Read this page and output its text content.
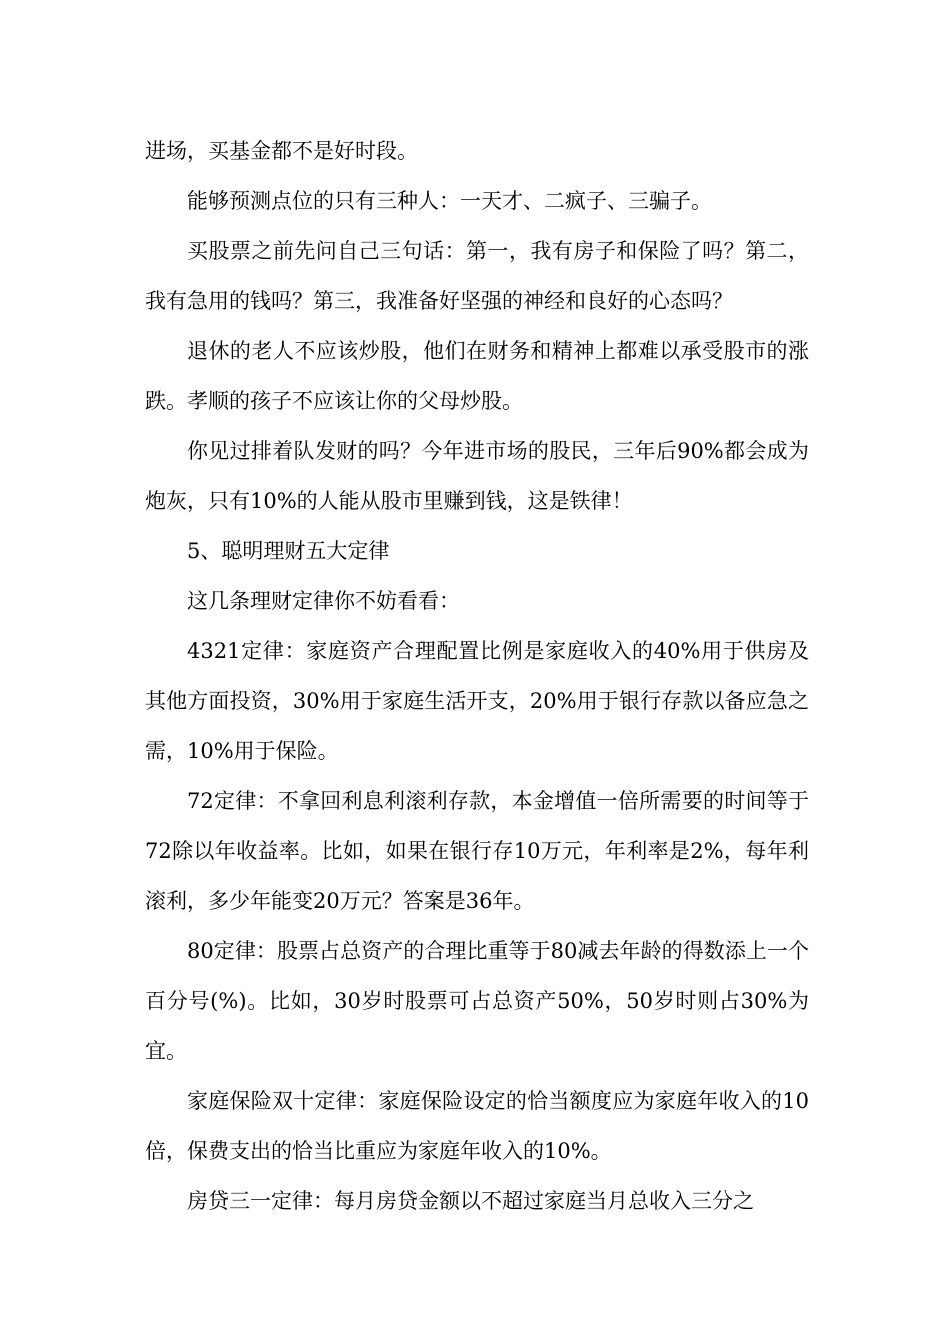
进场，买基金都不是好时段。

能够预测点位的只有三种人：一天才、二疯子、三骗子。

买股票之前先问自己三句话：第一，我有房子和保险了吗？第二，我有急用的钱吗？第三，我准备好坚强的神经和良好的心态吗？

退休的老人不应该炒股，他们在财务和精神上都难以承受股市的涨跌。孝顺的孩子不应该让你的父母炒股。

你见过排着队发财的吗？今年进市场的股民，三年后90%都会成为炮灰，只有10%的人能从股市里赚到钱，这是铁律！

5、聪明理财五大定律

这几条理财定律你不妨看看：

4321定律：家庭资产合理配置比例是家庭收入的40%用于供房及其他方面投资，30%用于家庭生活开支，20%用于银行存款以备应急之需，10%用于保险。

72定律：不拿回利息利滚利存款，本金增值一倍所需要的时间等于72除以年收益率。比如，如果在银行存10万元，年利率是2%，每年利滚利，多少年能变20万元？答案是36年。

80定律：股票占总资产的合理比重等于80减去年龄的得数添上一个百分号(%)。比如，30岁时股票可占总资产50%，50岁时则占30%为宜。

家庭保险双十定律：家庭保险设定的恰当额度应为家庭年收入的10倍，保费支出的恰当比重应为家庭年收入的10%。

房贷三一定律：每月房贷金额以不超过家庭当月总收入三分之
